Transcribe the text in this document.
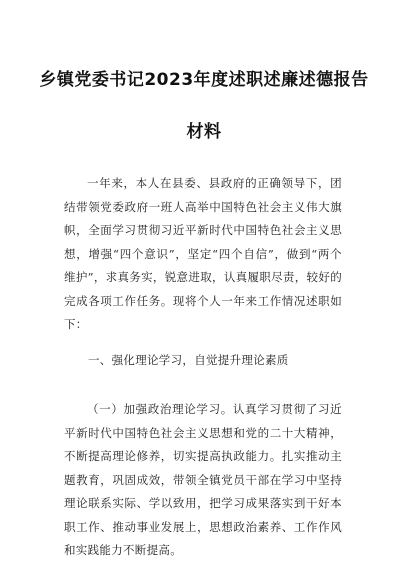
乡镇党委书记2023年度述职述廉述德报告
材料
一年来，本人在县委、县政府的正确领导下，团结带领党委政府一班人高举中国特色社会主义伟大旗帜，全面学习贯彻习近平新时代中国特色社会主义思想，增强“四个意识”，坚定“四个自信”，做到“两个维护”，求真务实，锐意进取，认真履职尽责，较好的完成各项工作任务。现将个人一年来工作情况述职如下：
一、强化理论学习，自觉提升理论素质
（一）加强政治理论学习。认真学习贯彻了习近平新时代中国特色社会主义思想和党的二十大精神，不断提高理论修养，切实提高执政能力。扎实推动主题教育，巩固成效，带领全镇党员干部在学习中坚持理论联系实际、学以致用，把学习成果落实到干好本职工作、推动事业发展上，思想政治素养、工作作风和实践能力不断提高。
